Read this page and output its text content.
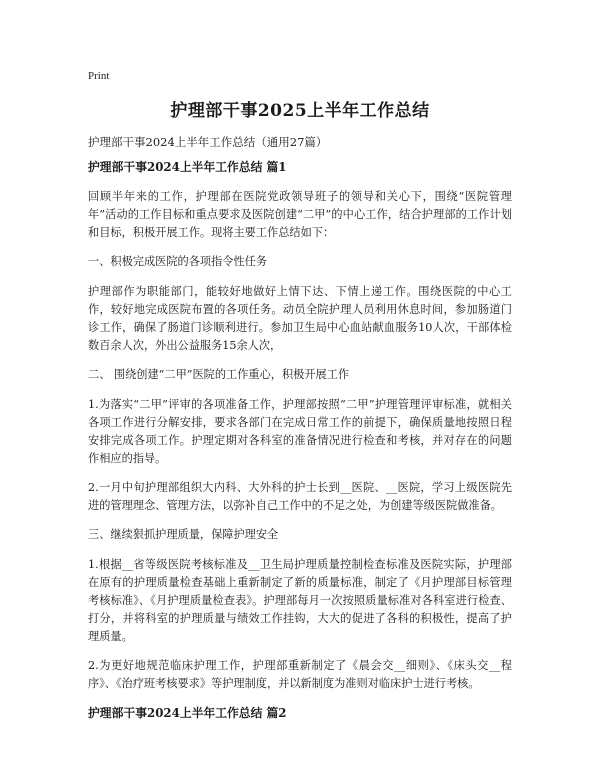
Print
护理部干事2025上半年工作总结
护理部干事2024上半年工作总结（通用27篇）
护理部干事2024上半年工作总结 篇1

回顾半年来的工作，护理部在医院党政领导班子的领导和关心下，围绕“医院管理年”活动的工作目标和重点要求及医院创建“二甲”的中心工作，结合护理部的工作计划和目标，积极开展工作。现将主要工作总结如下：

一、积极完成医院的各项指令性任务

护理部作为职能部门，能较好地做好上情下达、下情上递工作。围绕医院的中心工作，较好地完成医院布置的各项任务。动员全院护理人员利用休息时间，参加肠道门诊工作，确保了肠道门诊顺利进行。参加卫生局中心血站献血服务10人次，干部体检数百余人次，外出公益服务15余人次，

二、 围绕创建“二甲”医院的工作重心，积极开展工作

1.为落实“二甲”评审的各项准备工作，护理部按照“二甲”护理管理评审标准，就相关各项工作进行分解安排，要求各部门在完成日常工作的前提下，确保质量地按照日程安排完成各项工作。护理定期对各科室的准备情况进行检查和考核，并对存在的问题作相应的指导。

2.一月中旬护理部组织大内科、大外科的护士长到__医院、__医院，学习上级医院先进的管理理念、管理方法，以弥补自己工作中的不足之处，为创建等级医院做准备。

三、继续狠抓护理质量，保障护理安全

1.根据__省等级医院考核标准及__卫生局护理质量控制检查标准及医院实际，护理部在原有的护理质量检查基础上重新制定了新的质量标准，制定了《月护理部目标管理考核标准》、《月护理质量检查表》。护理部每月一次按照质量标准对各科室进行检查、打分，并将科室的护理质量与绩效工作挂钩，大大的促进了各科的积极性，提高了护理质量。

2.为更好地规范临床护理工作，护理部重新制定了《晨会交__细则》、《床头交__程序》、《治疗班考核要求》等护理制度，并以新制度为准则对临床护士进行考核。

护理部干事2024上半年工作总结 篇2
